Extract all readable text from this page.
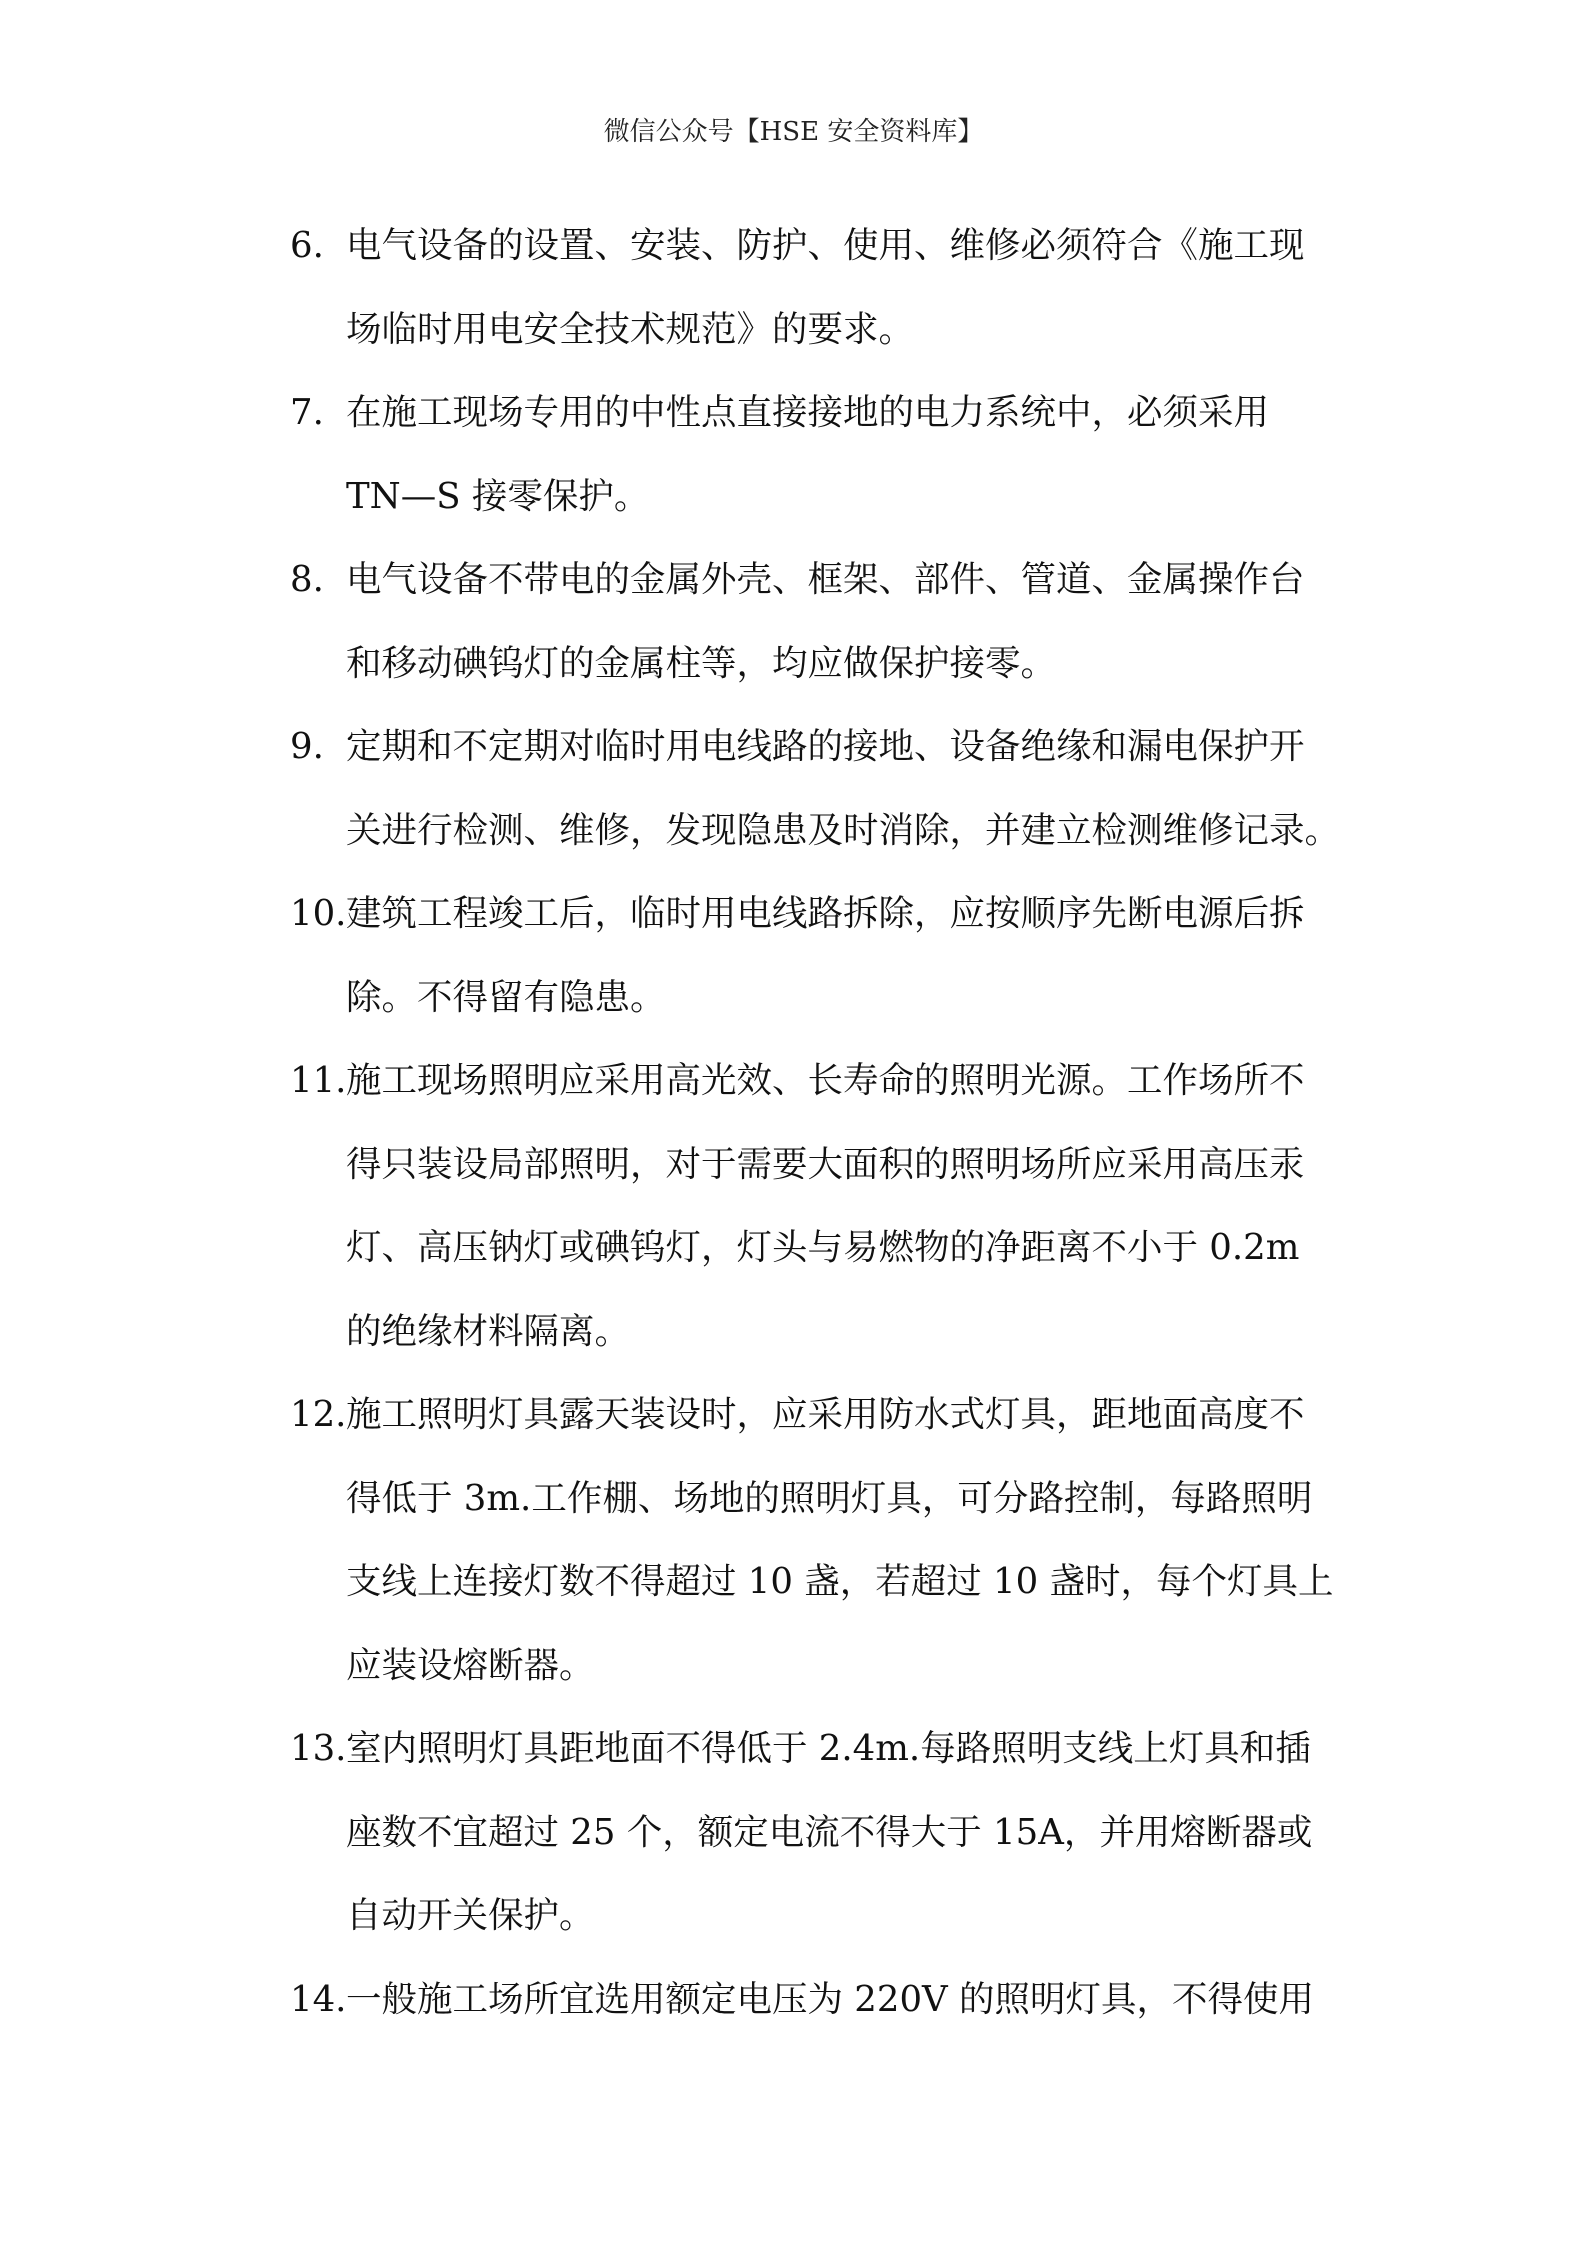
微信公众号【HSE 安全资料库】
6. 电气设备的设置、安装、防护、使用、维修必须符合《施工现
场临时用电安全技术规范》的要求。
7. 在施工现场专用的中性点直接接地的电力系统中，必须采用
TN—S 接零保护。
8. 电气设备不带电的金属外壳、框架、部件、管道、金属操作台
和移动碘钨灯的金属柱等，均应做保护接零。
9. 定期和不定期对临时用电线路的接地、设备绝缘和漏电保护开
关进行检测、维修，发现隐患及时消除，并建立检测维修记录。
10. 建筑工程竣工后，临时用电线路拆除，应按顺序先断电源后拆
除。不得留有隐患。
11. 施工现场照明应采用高光效、长寿命的照明光源。工作场所不
得只装设局部照明，对于需要大面积的照明场所应采用高压汞
灯、高压钠灯或碘钨灯，灯头与易燃物的净距离不小于 0.2m
的绝缘材料隔离。
12. 施工照明灯具露天装设时，应采用防水式灯具，距地面高度不
得低于 3m.工作棚、场地的照明灯具，可分路控制，每路照明
支线上连接灯数不得超过 10 盏，若超过 10 盏时，每个灯具上
应装设熔断器。
13. 室内照明灯具距地面不得低于 2.4m.每路照明支线上灯具和插
座数不宜超过 25 个，额定电流不得大于 15A，并用熔断器或
自动开关保护。
14. 一般施工场所宜选用额定电压为 220V 的照明灯具，不得使用
